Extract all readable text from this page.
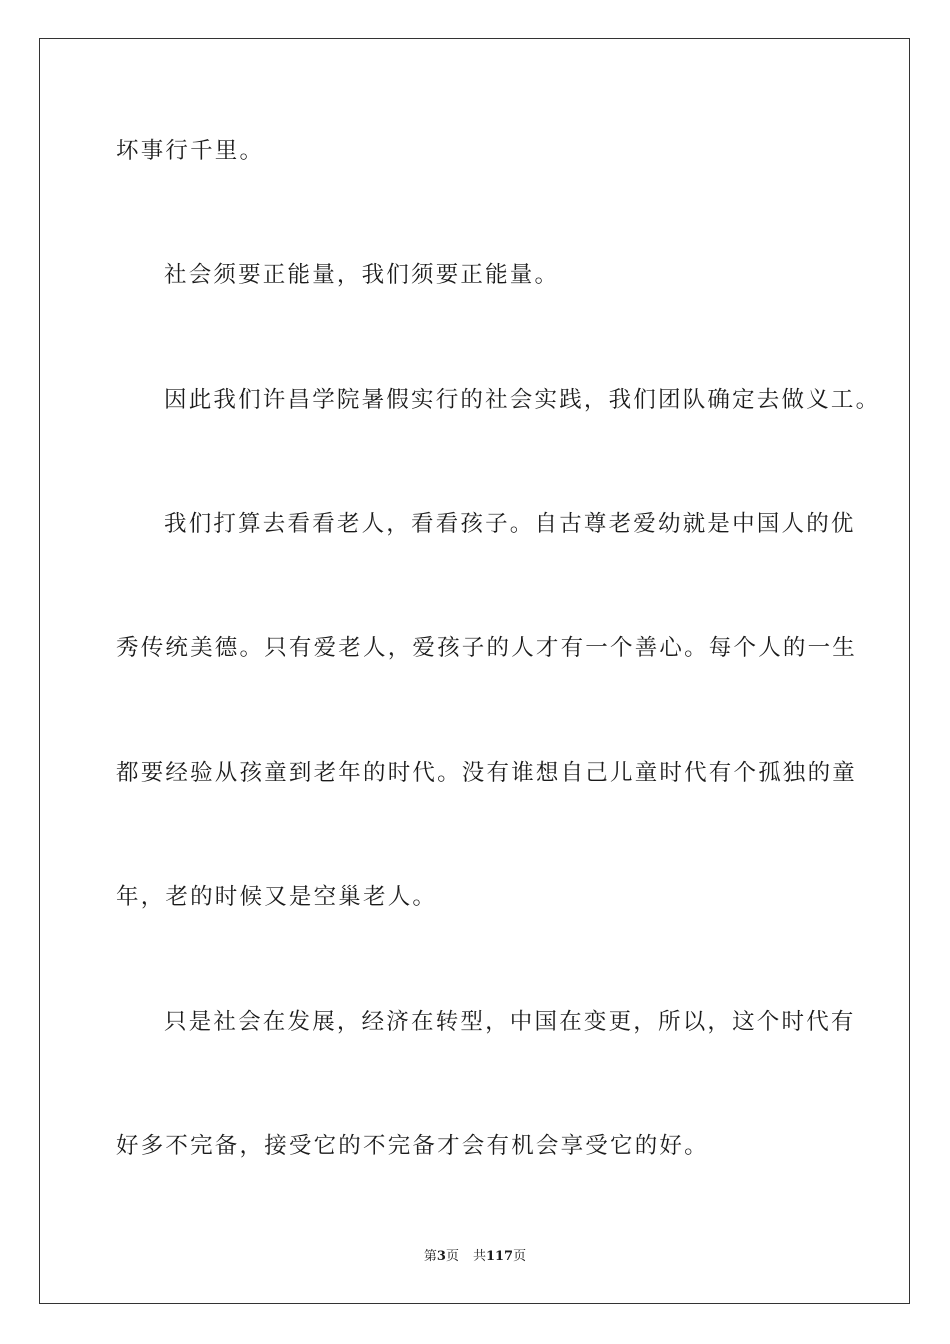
坏事行千里。
社会须要正能量，我们须要正能量。
因此我们许昌学院暑假实行的社会实践，我们团队确定去做义工。
我们打算去看看老人，看看孩子。自古尊老爱幼就是中国人的优
秀传统美德。只有爱老人，爱孩子的人才有一个善心。每个人的一生
都要经验从孩童到老年的时代。没有谁想自己儿童时代有个孤独的童
年，老的时候又是空巢老人。
只是社会在发展，经济在转型，中国在变更，所以，这个时代有
好多不完备，接受它的不完备才会有机会享受它的好。
第3页 共117页
